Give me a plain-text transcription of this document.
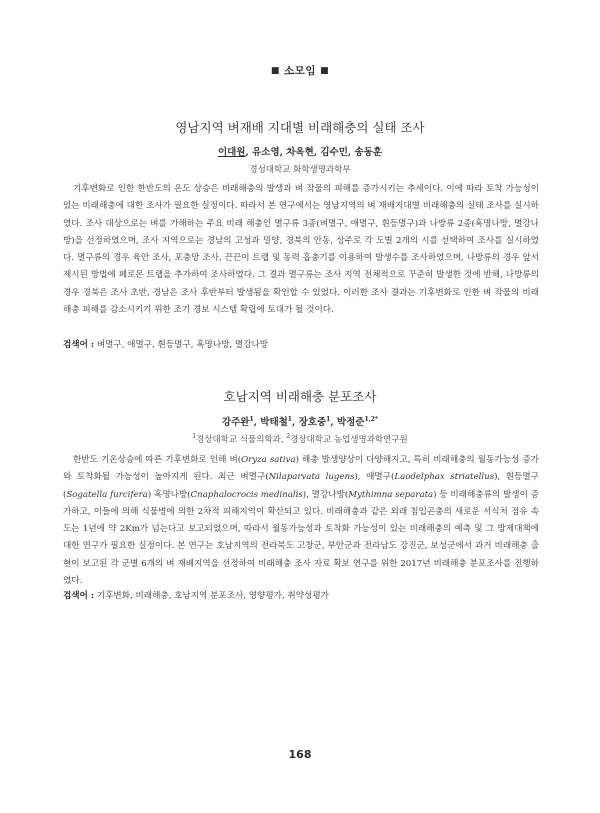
■ 소모임 ■
영남지역 벼재배 지대별 비래해충의 실태 조사
이대원, 유소영, 차옥현, 김수민, 송동훈
경성대학교 화학생명과학부

기후변화로 인한 한반도의 온도 상승은 비래해충의 발생과 벼 작물의 피해를 증가시키는 추세이다. 이에 따라 토착 가능성이 있는 비래해충에 대한 조사가 필요한 실정이다. 따라서 본 연구에서는 영남지역의 벼 재배지대별 비래해충의 실태 조사를 실시하였다. 조사 대상으로는 벼를 가해하는 주요 비래 해충인 멸구류 3종(벼멸구, 애멸구, 흰등멸구)과 나방류 2종(혹명나방, 멸강나방)을 선정하였으며, 조사 지역으로는 경남의 고성과 밀양, 경북의 안동, 상주로 각 도별 2개의 시를 선택하여 조사를 실시하였다. 멸구류의 경우 육안 조사, 포충망 조사, 끈끈이 트랩 및 동력 흡충기를 이용하여 발생수를 조사하였으며, 나방류의 경우 앞서 제시된 방법에 페로몬 트랩을 추가하여 조사하였다. 그 결과 멸구류는 조사 지역 전체적으로 꾸준히 발생한 것에 반해, 나방류의 경우 경북은 조사 초반, 경남은 조사 후반부터 발생됨을 확인할 수 있었다. 이러한 조사 결과는 기후변화로 인한 벼 작물의 비래해충 피해를 감소시키기 위한 조기 경보 시스템 확립에 토대가 될 것이다.

검색어 : 벼멸구, 애멸구, 흰등멸구, 혹명나방, 멸강나방
호남지역 비래해충 분포조사
강주완$^1$, 박태철$^1$, 장호중$^1$, 박정준$^{1,2*}$
$^1$경상대학교 식물의학과, $^2$경상대학교 농업생명과학연구원

한반도 기온상승에 따른 기후변화로 인해 벼(Oryza sativa) 해충 발생양상이 다양해지고, 특히 비래해충의 월동가능성 증가와 토착화될 가능성이 높아지게 된다. 최근 벼멸구(Nilaparvata lugens), 애멸구(Laodelphax striatellus), 흰등멸구(Sogatella furcifera) 혹명나방(Cnaphalocrocis medinalis), 멸강나방(Mythimna separata) 등 비래해충류의 발생이 증가하고, 이들에 의해 식물병에 의한 2차적 피해지역이 확산되고 있다. 비래해충과 같은 외래 침입곤충의 새로운 서식처 점유 속도는 1년에 약 2Km가 넘는다고 보고되었으며, 따라서 월동가능성과 토착화 가능성이 있는 비래해충의 예측 및 그 방제대책에 대한 연구가 필요한 실정이다. 본 연구는 호남지역의 전라북도 고창군, 부안군과 전라남도 강진군, 보성군에서 과거 비래해충 출현이 보고된 각 군별 6개의 벼 재배지역을 선정하여 비래해충 조사 자료 확보 연구를 위한 2017년 비래해충 분포조사를 진행하였다.

검색어 : 기후변화, 비래해충, 호남지역 분포조사, 영향평가, 취약성평가
168
